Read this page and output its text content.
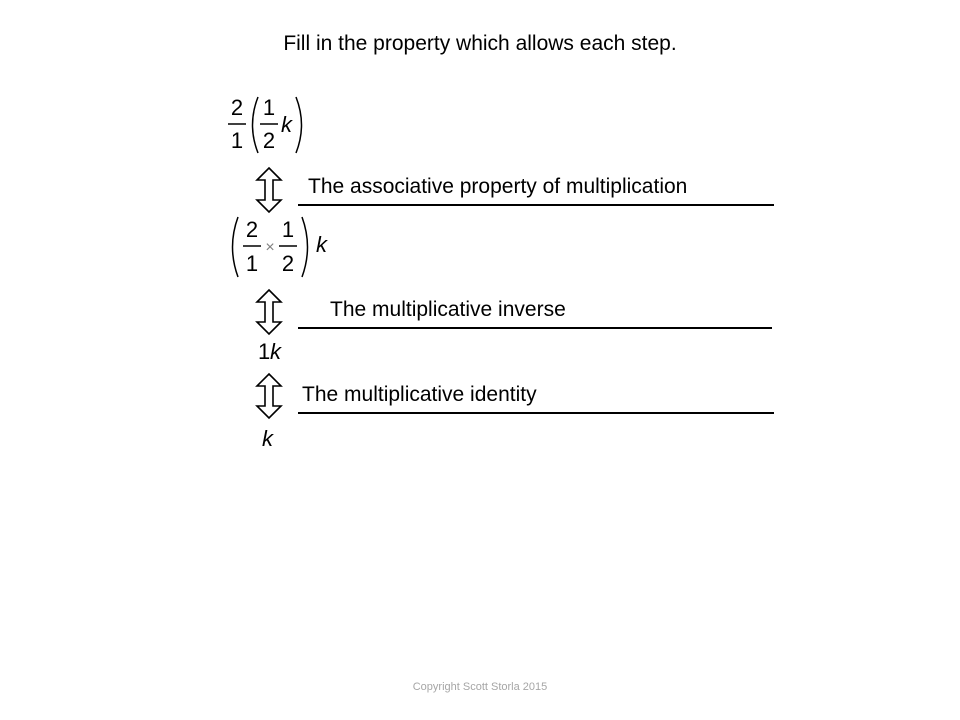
Fill in the property which allows each step.
2
1
1
2
k
The associative property of multiplication
2
1
×
1
2
k
The multiplicative inverse
1 k
The multiplicative identity
k
Copyright Scott Storla 2015
